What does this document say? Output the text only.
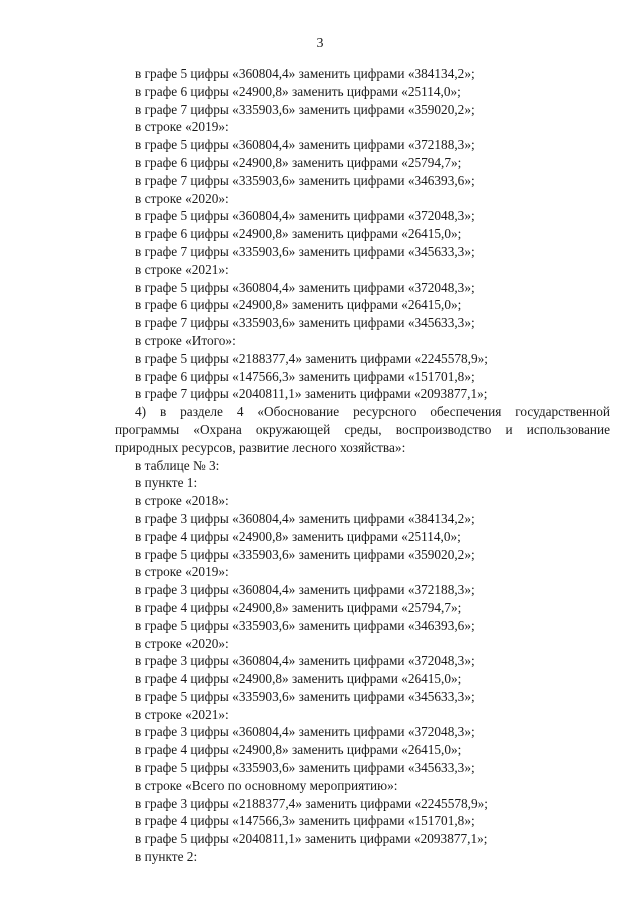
3
в графе 5 цифры «360804,4» заменить цифрами «384134,2»;
в графе 6 цифры «24900,8» заменить цифрами «25114,0»;
в графе 7 цифры «335903,6» заменить цифрами «359020,2»;
в строке «2019»:
в графе 5 цифры «360804,4» заменить цифрами «372188,3»;
в графе 6 цифры «24900,8» заменить цифрами «25794,7»;
в графе 7 цифры «335903,6» заменить цифрами «346393,6»;
в строке «2020»:
в графе 5 цифры «360804,4» заменить цифрами «372048,3»;
в графе 6 цифры «24900,8» заменить цифрами «26415,0»;
в графе 7 цифры «335903,6» заменить цифрами «345633,3»;
в строке «2021»:
в графе 5 цифры «360804,4» заменить цифрами «372048,3»;
в графе 6 цифры «24900,8» заменить цифрами «26415,0»;
в графе 7 цифры «335903,6» заменить цифрами «345633,3»;
в строке «Итого»:
в графе 5 цифры «2188377,4» заменить цифрами «2245578,9»;
в графе 6 цифры «147566,3» заменить цифрами «151701,8»;
в графе 7 цифры «2040811,1» заменить цифрами «2093877,1»;
4) в разделе 4 «Обоснование ресурсного обеспечения государственной
программы «Охрана окружающей среды, воспроизводство и использование
природных ресурсов, развитие лесного хозяйства»:
в таблице № 3:
в пункте 1:
в строке «2018»:
в графе 3 цифры «360804,4» заменить цифрами «384134,2»;
в графе 4 цифры «24900,8» заменить цифрами «25114,0»;
в графе 5 цифры «335903,6» заменить цифрами «359020,2»;
в строке «2019»:
в графе 3 цифры «360804,4» заменить цифрами «372188,3»;
в графе 4 цифры «24900,8» заменить цифрами «25794,7»;
в графе 5 цифры «335903,6» заменить цифрами «346393,6»;
в строке «2020»:
в графе 3 цифры «360804,4» заменить цифрами «372048,3»;
в графе 4 цифры «24900,8» заменить цифрами «26415,0»;
в графе 5 цифры «335903,6» заменить цифрами «345633,3»;
в строке «2021»:
в графе 3 цифры «360804,4» заменить цифрами «372048,3»;
в графе 4 цифры «24900,8» заменить цифрами «26415,0»;
в графе 5 цифры «335903,6» заменить цифрами «345633,3»;
в строке «Всего по основному мероприятию»:
в графе 3 цифры «2188377,4» заменить цифрами «2245578,9»;
в графе 4 цифры «147566,3» заменить цифрами «151701,8»;
в графе 5 цифры «2040811,1» заменить цифрами «2093877,1»;
в пункте 2:
